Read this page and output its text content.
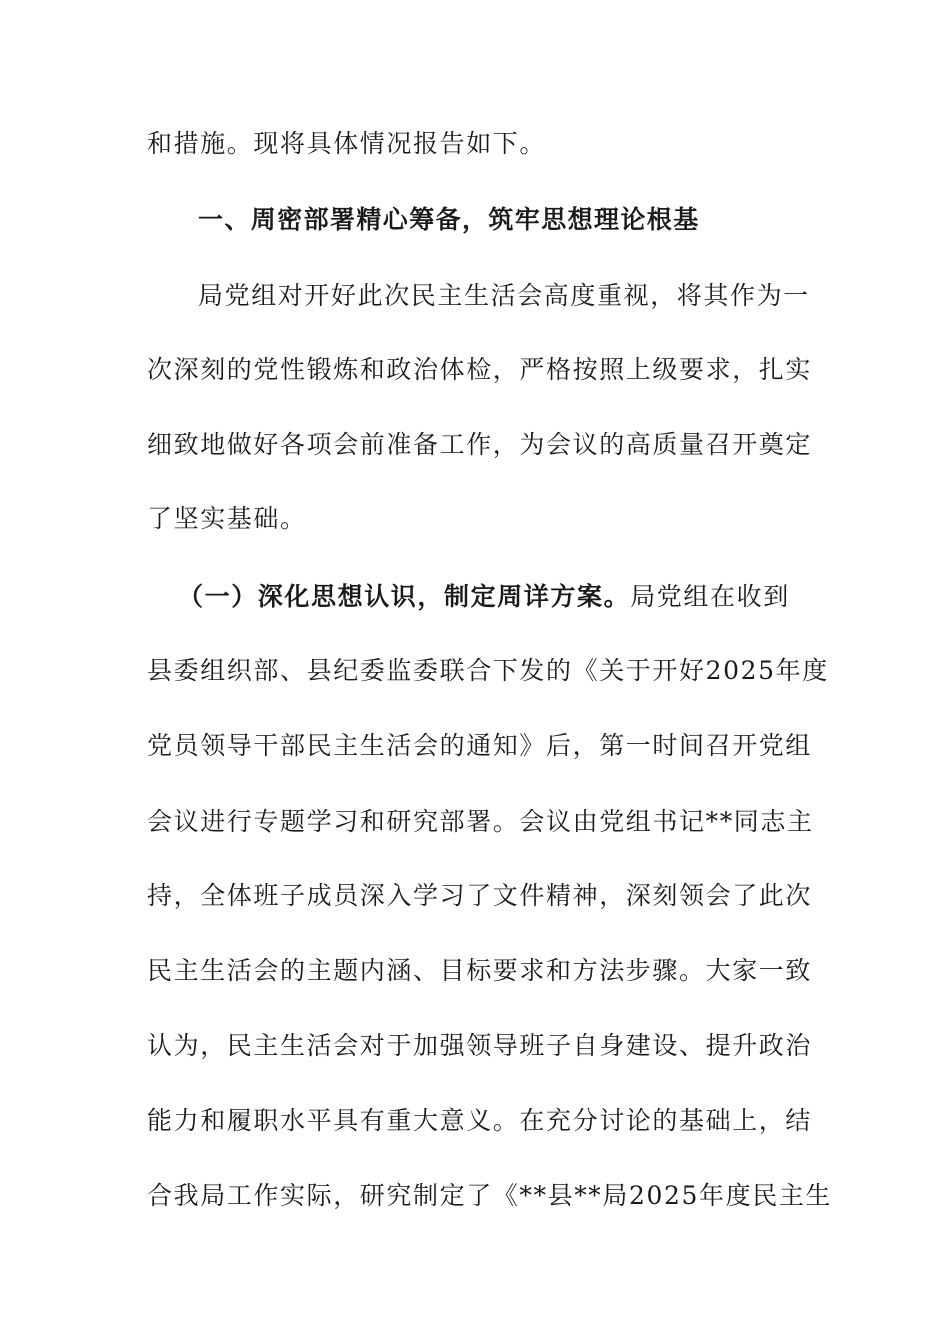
和措施。现将具体情况报告如下。
一、周密部署精心筹备，筑牢思想理论根基
局党组对开好此次民主生活会高度重视，将其作为一
次深刻的党性锻炼和政治体检，严格按照上级要求，扎实
细致地做好各项会前准备工作，为会议的高质量召开奠定
了坚实基础。
（一）深化思想认识，制定周详方案。局党组在收到
县委组织部、县纪委监委联合下发的《关于开好2025年度
党员领导干部民主生活会的通知》后，第一时间召开党组
会议进行专题学习和研究部署。会议由党组书记**同志主
持，全体班子成员深入学习了文件精神，深刻领会了此次
民主生活会的主题内涵、目标要求和方法步骤。大家一致
认为，民主生活会对于加强领导班子自身建设、提升政治
能力和履职水平具有重大意义。在充分讨论的基础上，结
合我局工作实际，研究制定了《**县**局2025年度民主生
